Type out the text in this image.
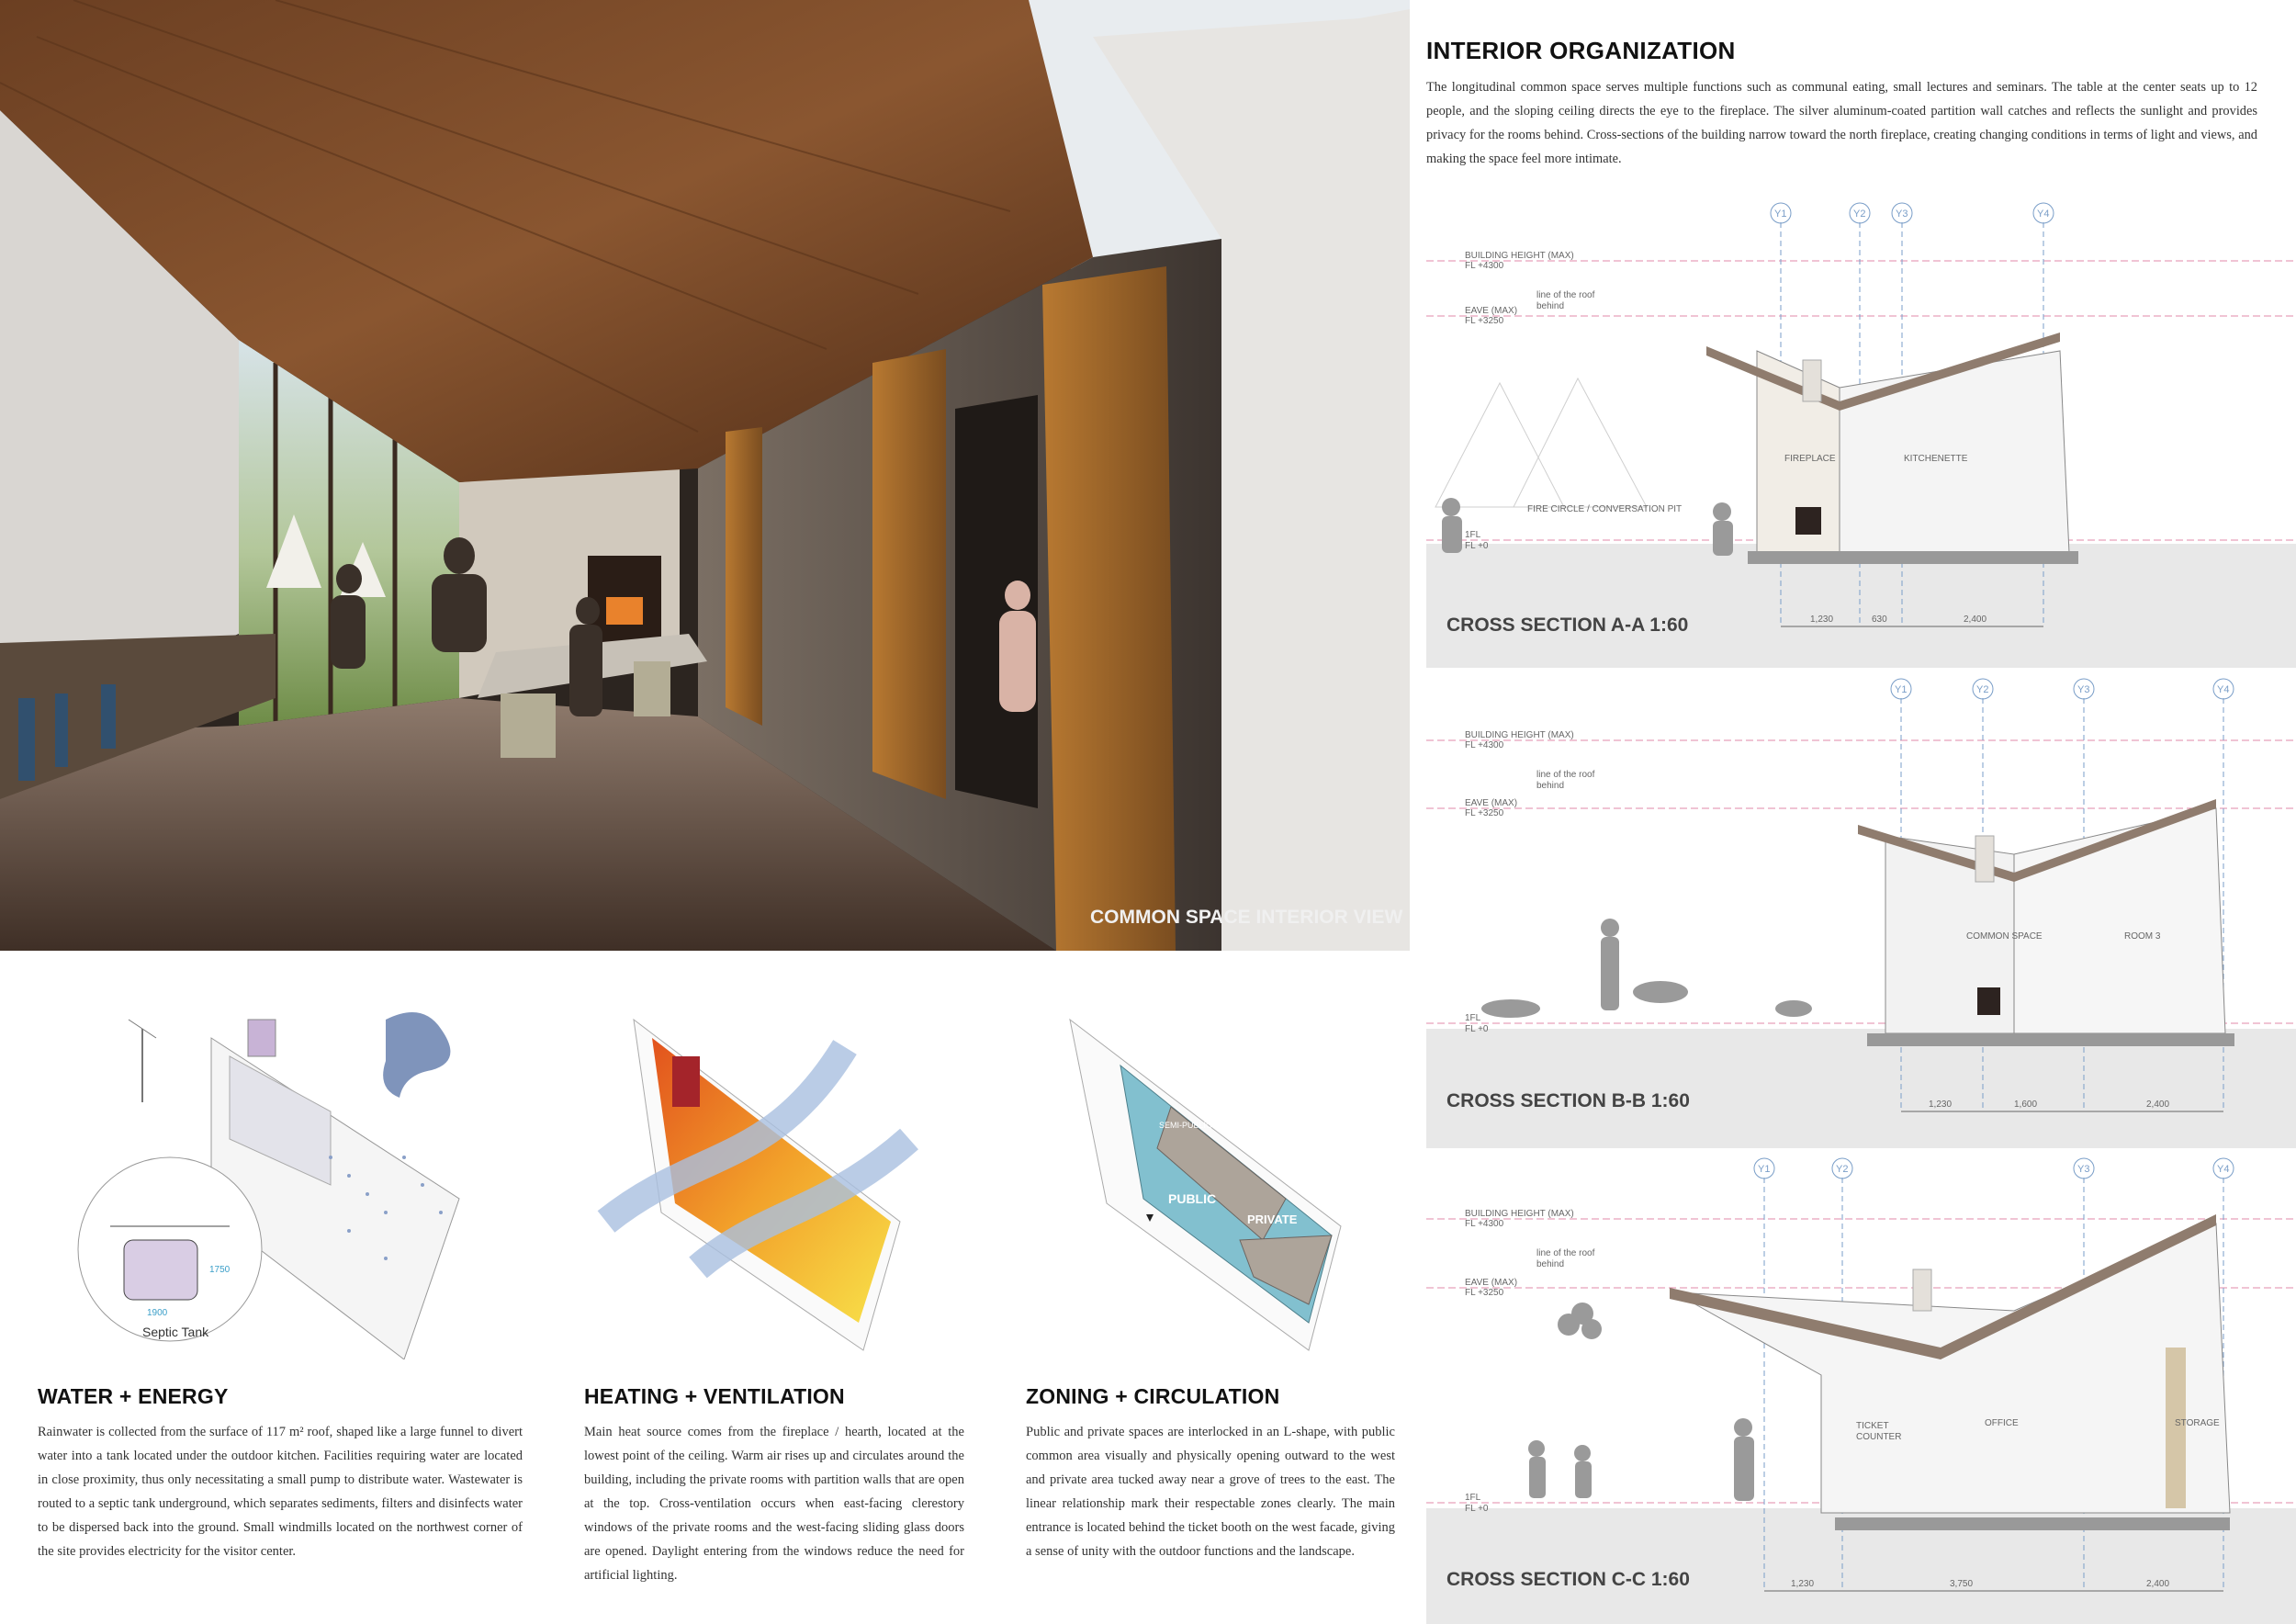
COMMON SPACE INTERIOR VIEW
INTERIOR ORGANIZATION
The longitudinal common space serves multiple functions such as communal eating, small lectures and seminars. The table at the center seats up to 12 people, and the sloping ceiling directs the eye to the fireplace. The silver aluminum-coated partition wall catches and reflects the sunlight and provides privacy for the rooms behind. Cross-sections of the building narrow toward the north fireplace, creating changing conditions in terms of light and views, and making the space feel more intimate.
BUILDING HEIGHT (MAX)
FL +4300
EAVE (MAX)
FL +3250
1FL
FL +0
line of the roof
behind
Y1	Y2	Y3	Y4
FIREPLACE	KITCHENETTE
FIRE CIRCLE / CONVERSATION PIT
1,230	630	2,400
CROSS SECTION A-A 1:60
BUILDING HEIGHT (MAX)
FL +4300
EAVE (MAX)
FL +3250
1FL
FL +0
line of the roof
behind
Y1	Y2	Y3	Y4
COMMON SPACE	ROOM 3
1,230	1,600	2,400
CROSS SECTION B-B 1:60
BUILDING HEIGHT (MAX)
FL +4300
EAVE (MAX)
FL +3250
1FL
FL +0
line of the roof
behind
Y1	Y2	Y3	Y4
TICKET
COUNTER
OFFICE	STORAGE
1,230	3,750	2,400
CROSS SECTION C-C 1:60
Septic Tank
1900
1750
WATER + ENERGY
Rainwater is collected from the surface of 117 m² roof, shaped like a large funnel to divert water into a tank located under the outdoor kitchen. Facilities requiring water are located in close proximity, thus only necessitating a small pump to distribute water. Wastewater is routed to a septic tank underground, which separates sediments, filters and disinfects water to be dispersed back into the ground. Small windmills located on the northwest corner of the site provides electricity for the visitor center.
HEATING + VENTILATION
Main heat source comes from the fireplace / hearth, located at the lowest point of the ceiling. Warm air rises up and circulates around the building, including the private rooms with partition walls that are open at the top. Cross-ventilation occurs when east-facing clerestory windows of the private rooms and the west-facing sliding glass doors are opened. Daylight entering from the windows reduce the need for artificial lighting.
SEMI-PUBLIC
PUBLIC
PRIVATE
ZONING + CIRCULATION
Public and private spaces are interlocked in an L-shape, with public common area visually and physically opening outward to the west and private area tucked away near a grove of trees to the east. The linear relationship mark their respectable zones clearly. The main entrance is located behind the ticket booth on the west facade, giving a sense of unity with the outdoor functions and the landscape.
